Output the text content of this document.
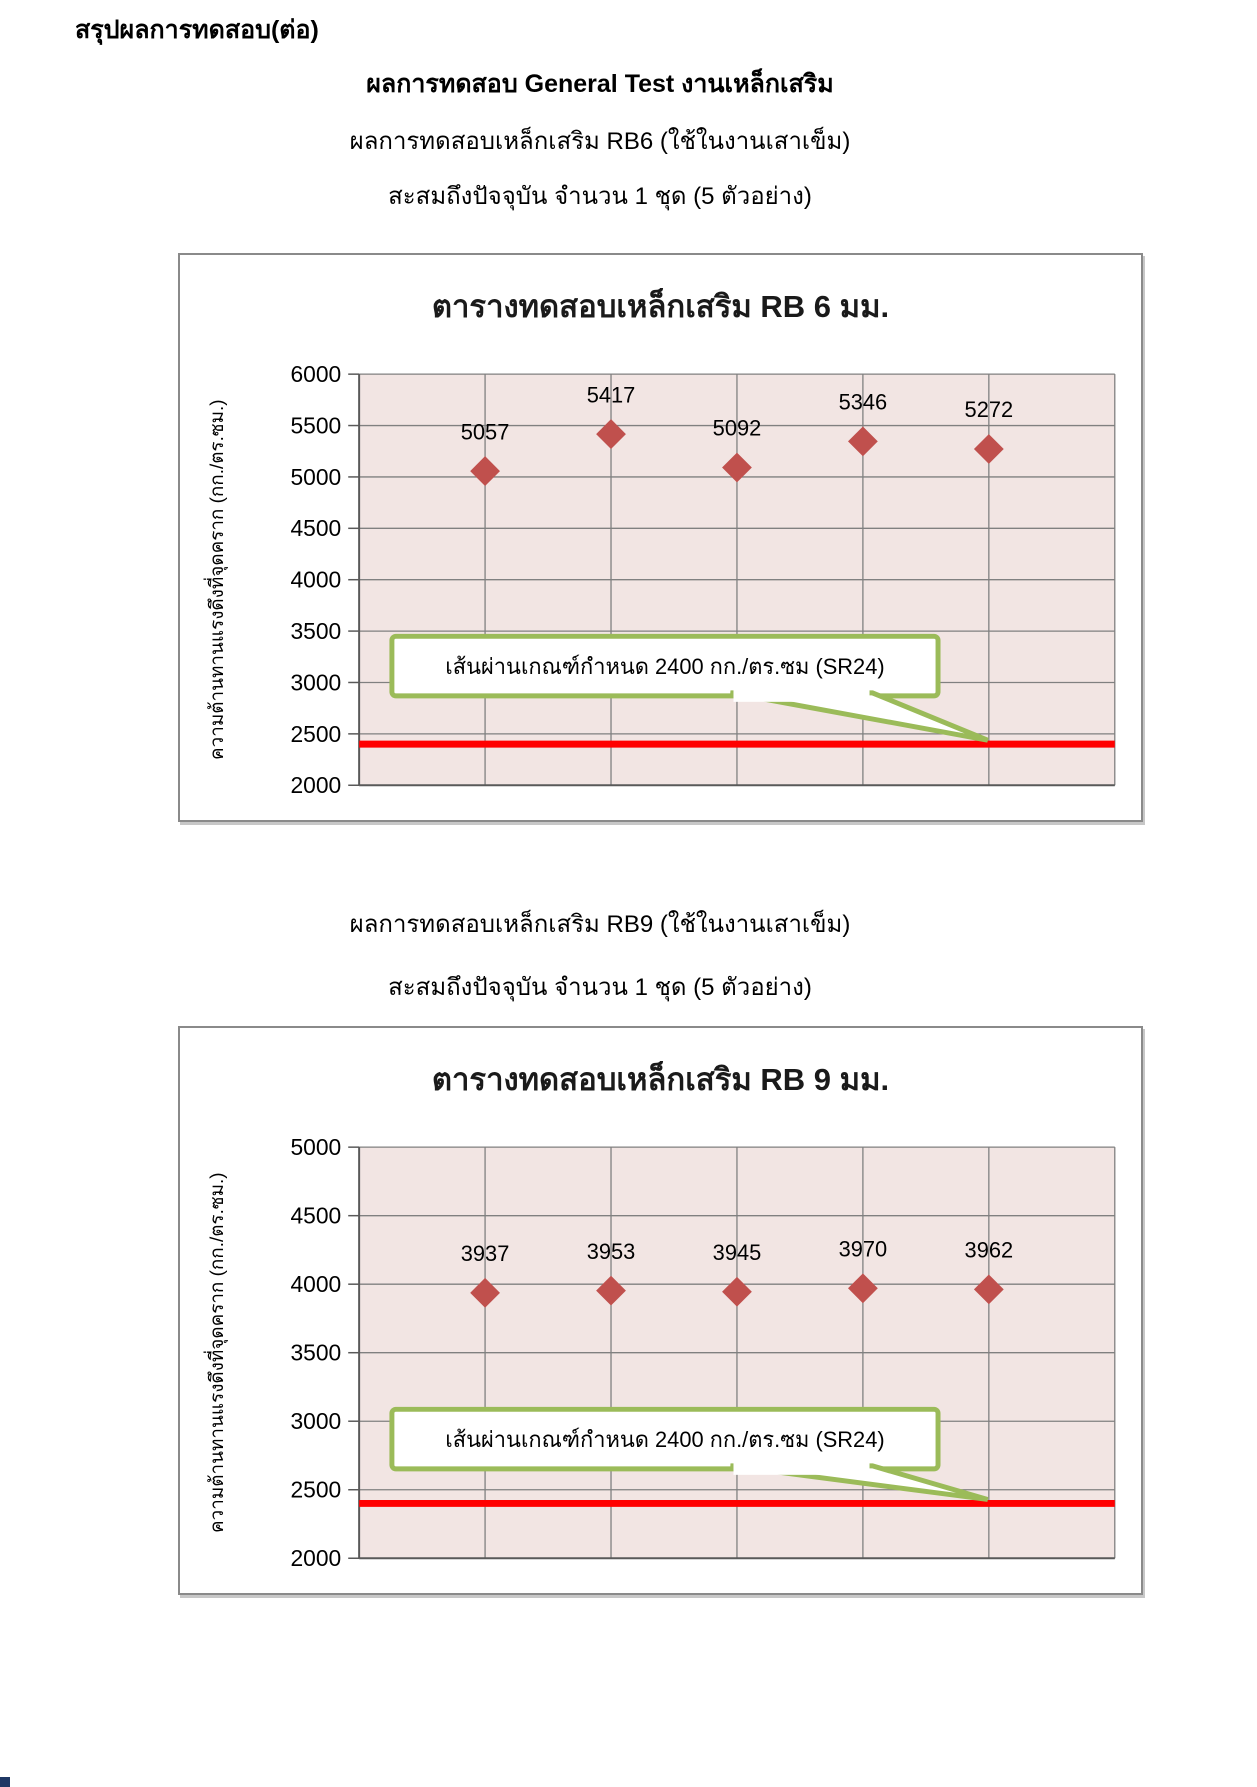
สรุปผลการทดสอบ(ต่อ)
ผลการทดสอบ General Test งานเหล็กเสริม
ผลการทดสอบเหล็กเสริม RB6 (ใช้ในงานเสาเข็ม)
สะสมถึงปัจจุบัน จำนวน 1 ชุด (5 ตัวอย่าง)
2000
2500
3000
3500
4000
4500
5000
5500
6000
ความต้านทานแรงดึงที่จุดคราก (กก./ตร.ซม.)	เส้นผ่านเกณฑ์กำหนด 2400 กก./ตร.ซม (SR24)
5057
5417
5092
5346	5272
ตารางทดสอบเหล็กเสริม RB 6 มม.
ผลการทดสอบเหล็กเสริม RB9 (ใช้ในงานเสาเข็ม)
สะสมถึงปัจจุบัน จำนวน 1 ชุด (5 ตัวอย่าง)
2000
2500
3000
3500
4000
4500
5000
ความต้านทานแรงดึงที่จุดคราก (กก./ตร.ซม.)	เส้นผ่านเกณฑ์กำหนด 2400 กก./ตร.ซม (SR24)
3937	3953	3945	3970	3962
ตารางทดสอบเหล็กเสริม RB 9 มม.
